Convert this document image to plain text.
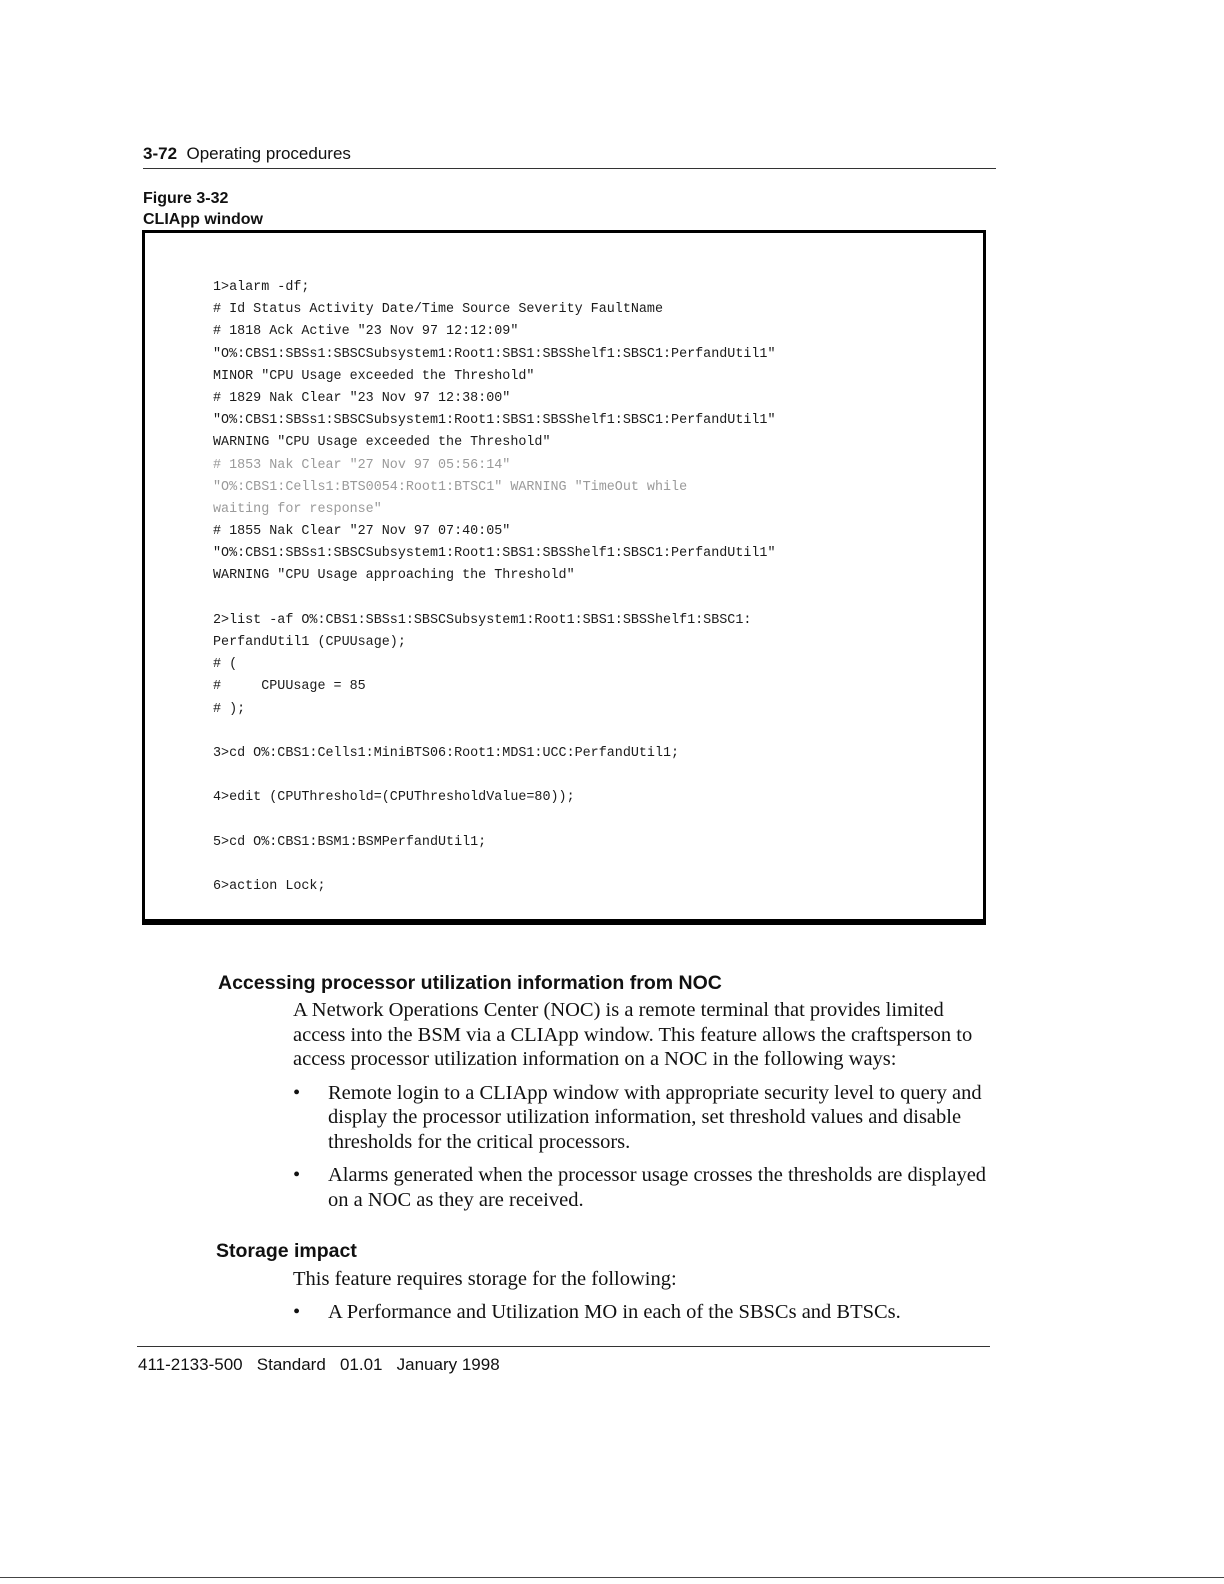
3-72 Operating procedures
Figure 3-32
CLIApp window
1>alarm -df;
# Id Status Activity Date/Time Source Severity FaultName
# 1818 Ack Active "23 Nov 97 12:12:09"
"O%:CBS1:SBSs1:SBSCSubsystem1:Root1:SBS1:SBSShelf1:SBSC1:PerfandUtil1"
MINOR "CPU Usage exceeded the Threshold"
# 1829 Nak Clear "23 Nov 97 12:38:00"
"O%:CBS1:SBSs1:SBSCSubsystem1:Root1:SBS1:SBSShelf1:SBSC1:PerfandUtil1"
WARNING "CPU Usage exceeded the Threshold"
# 1853 Nak Clear "27 Nov 97 05:56:14"
"O%:CBS1:Cells1:BTS0054:Root1:BTSC1" WARNING "TimeOut while
waiting for response"
# 1855 Nak Clear "27 Nov 97 07:40:05"
"O%:CBS1:SBSs1:SBSCSubsystem1:Root1:SBS1:SBSShelf1:SBSC1:PerfandUtil1"
WARNING "CPU Usage approaching the Threshold"
2>list -af O%:CBS1:SBSs1:SBSCSubsystem1:Root1:SBS1:SBSShelf1:SBSC1:
PerfandUtil1 (CPUUsage);
# (
#     CPUUsage = 85
# );
3>cd O%:CBS1:Cells1:MiniBTS06:Root1:MDS1:UCC:PerfandUtil1;
4>edit (CPUThreshold=(CPUThresholdValue=80));
5>cd O%:CBS1:BSM1:BSMPerfandUtil1;
6>action Lock;
Accessing processor utilization information from NOC
A Network Operations Center (NOC) is a remote terminal that provides limited access into the BSM via a CLIApp window. This feature allows the craftsperson to access processor utilization information on a NOC in the following ways:
• Remote login to a CLIApp window with appropriate security level to query and display the processor utilization information, set threshold values and disable thresholds for the critical processors.
• Alarms generated when the processor usage crosses the thresholds are displayed on a NOC as they are received.
Storage impact
This feature requires storage for the following:
• A Performance and Utilization MO in each of the SBSCs and BTSCs.
411-2133-500   Standard   01.01   January 1998
